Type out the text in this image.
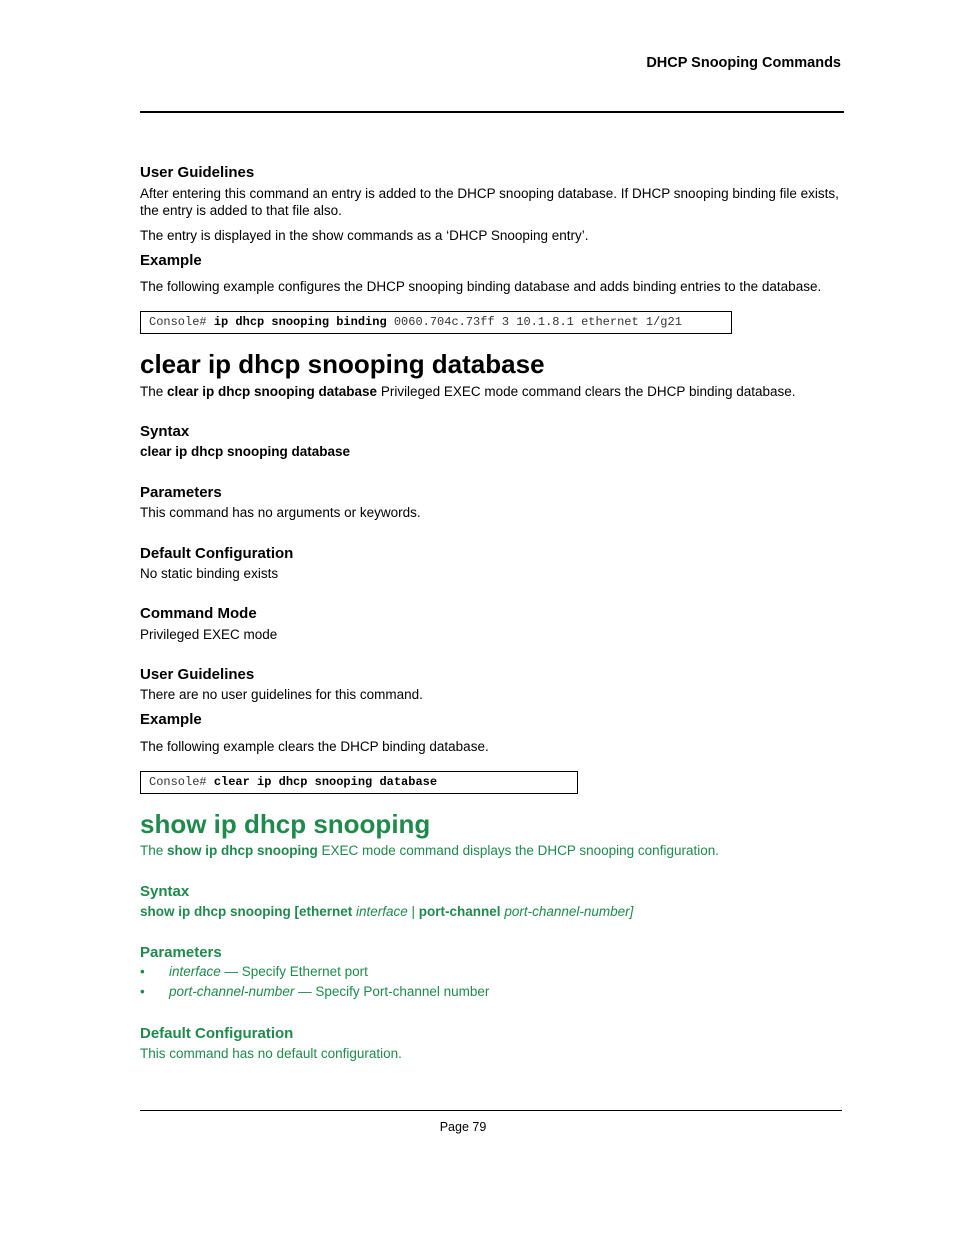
DHCP Snooping Commands
User Guidelines
After entering this command an entry is added to the DHCP snooping database. If DHCP snooping binding file exists, the entry is added to that file also.
The entry is displayed in the show commands as a ‘DHCP Snooping entry’.
Example
The following example configures the DHCP snooping binding database and adds binding entries to the database.
Console# ip dhcp snooping binding 0060.704c.73ff 3 10.1.8.1 ethernet 1/g21
clear ip dhcp snooping database
The clear ip dhcp snooping database Privileged EXEC mode command clears the DHCP binding database.
Syntax
clear ip dhcp snooping database
Parameters
This command has no arguments or keywords.
Default Configuration
No static binding exists
Command Mode
Privileged EXEC mode
User Guidelines
There are no user guidelines for this command.
Example
The following example clears the DHCP binding database.
Console# clear ip dhcp snooping database
show ip dhcp snooping
The show ip dhcp snooping EXEC mode command displays the DHCP snooping configuration.
Syntax
show ip dhcp snooping [ethernet interface | port-channel port-channel-number]
Parameters
• interface — Specify Ethernet port
• port-channel-number — Specify Port-channel number
Default Configuration
This command has no default configuration.
Page 79
